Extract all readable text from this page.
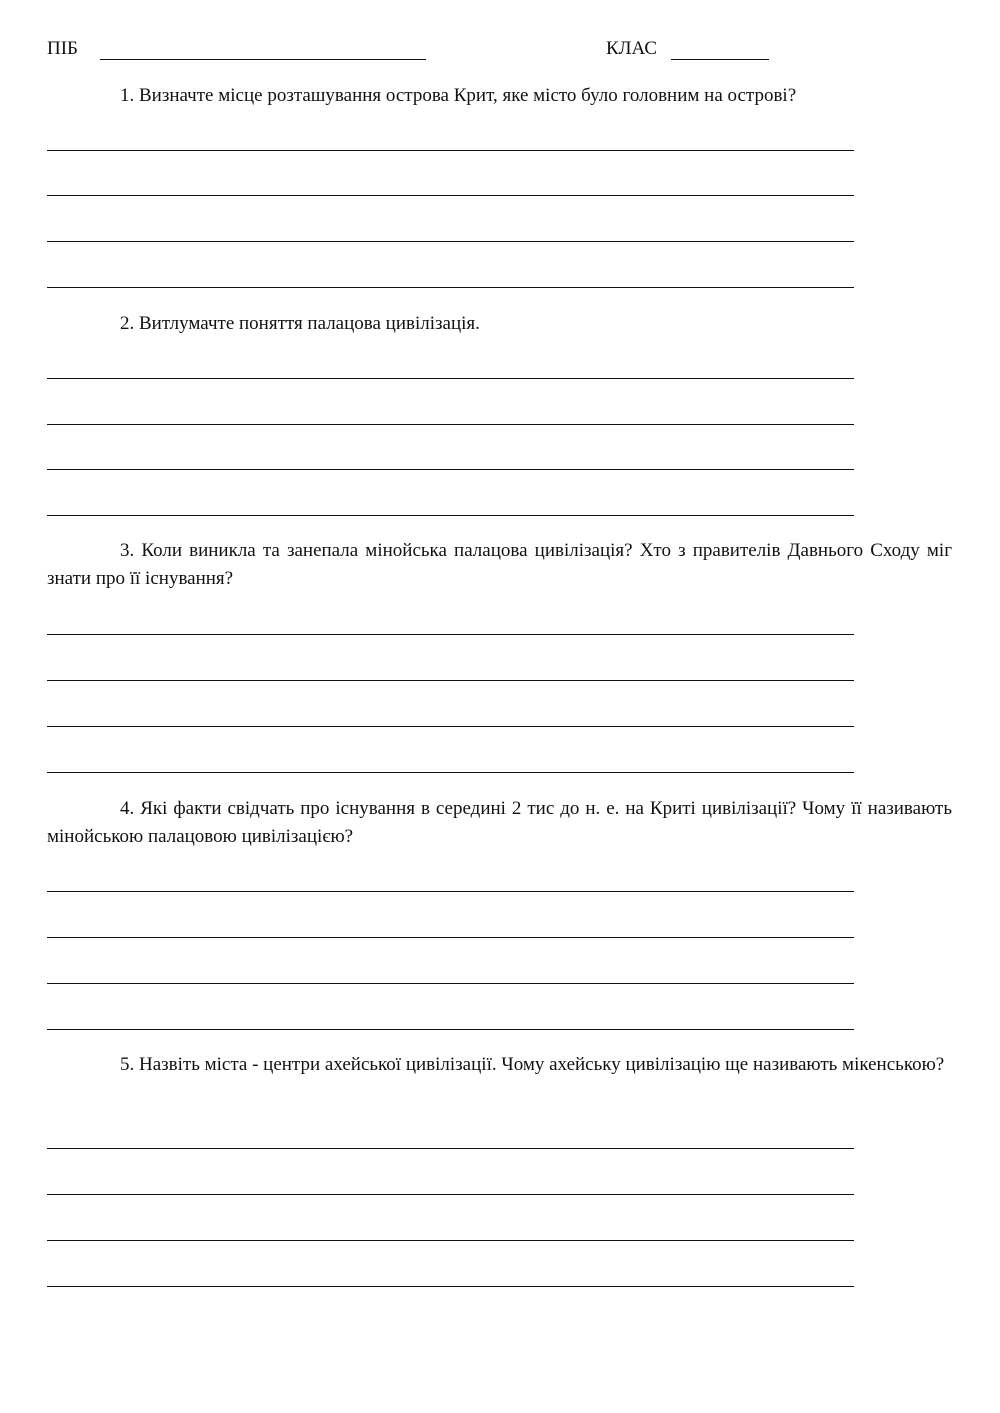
ПІБ	КЛАС
1. Визначте місце розташування острова Крит, яке місто було головним на острові?
2. Витлумачте поняття палацова цивілізація.
3. Коли виникла та занепала мінойська палацова цивілізація? Хто з правителів Давнього Сходу міг знати про її існування?
4. Які факти свідчать про існування в середині 2 тис до н. е. на Криті цивілізації? Чому її називають мінойською палацовою цивілізацією?
5. Назвіть міста - центри ахейської цивілізації. Чому ахейську цивілізацію ще називають мікенською?
